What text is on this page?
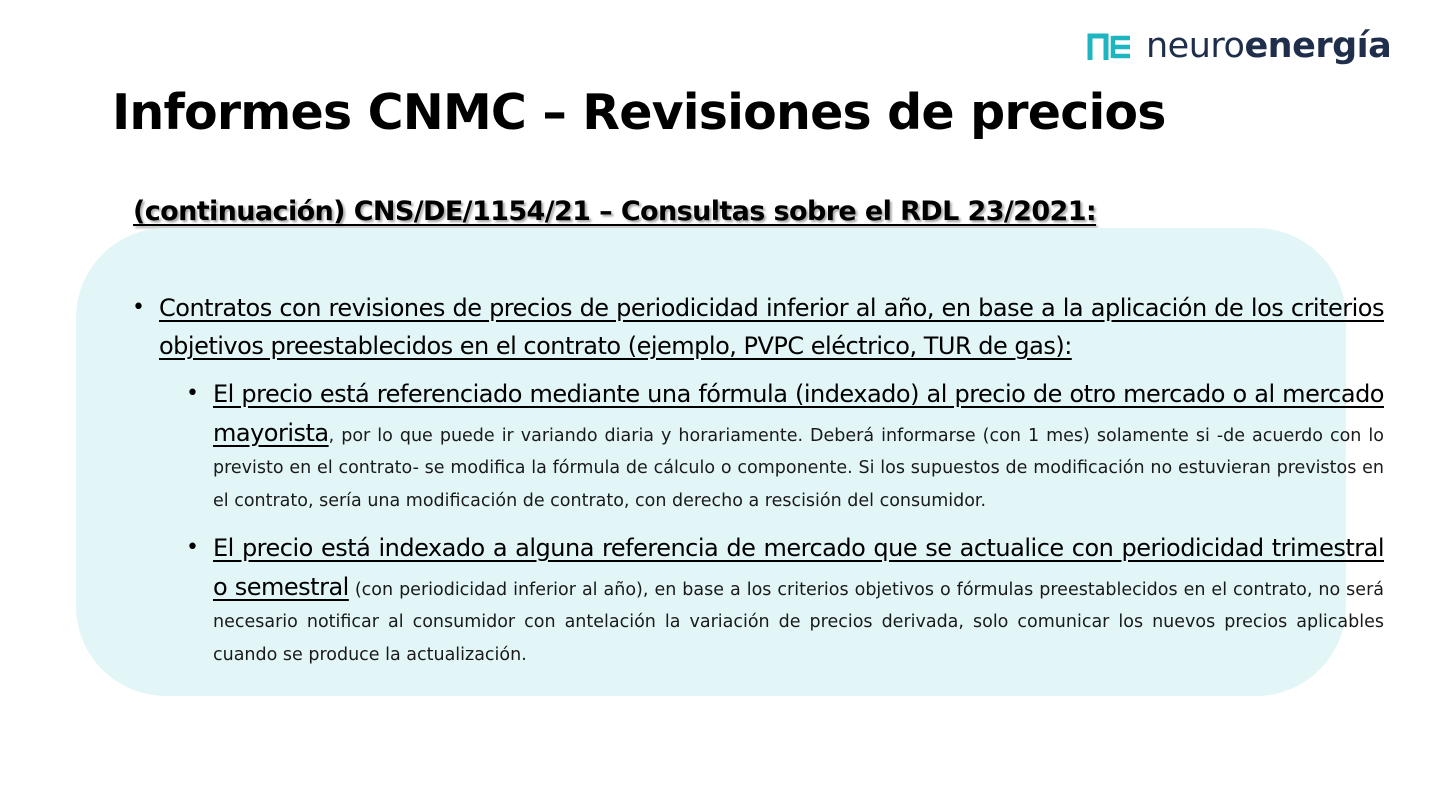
neuroenergía
Informes CNMC – Revisiones de precios
(continuación) CNS/DE/1154/21 – Consultas sobre el RDL 23/2021:
• Contratos con revisiones de precios de periodicidad inferior al año, en base a la aplicación de los criterios objetivos preestablecidos en el contrato (ejemplo, PVPC eléctrico, TUR de gas):
• El precio está referenciado mediante una fórmula (indexado) al precio de otro mercado o al mercado mayorista, por lo que puede ir variando diaria y horariamente. Deberá informarse (con 1 mes) solamente si -de acuerdo con lo previsto en el contrato- se modifica la fórmula de cálculo o componente. Si los supuestos de modificación no estuvieran previstos en el contrato, sería una modificación de contrato, con derecho a rescisión del consumidor.
• El precio está indexado a alguna referencia de mercado que se actualice con periodicidad trimestral o semestral (con periodicidad inferior al año), en base a los criterios objetivos o fórmulas preestablecidos en el contrato, no será necesario notificar al consumidor con antelación la variación de precios derivada, solo comunicar los nuevos precios aplicables cuando se produce la actualización.
